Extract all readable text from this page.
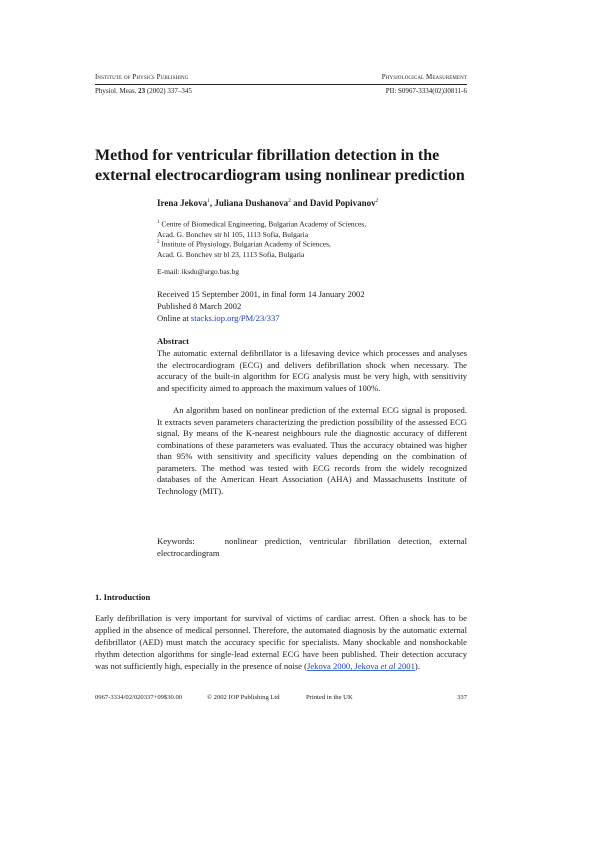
Institute of Physics Publishing	Physiological Measurement
Physiol. Meas. 23 (2002) 337–345	PII: S0967-3334(02)30811-6
Method for ventricular fibrillation detection in the external electrocardiogram using nonlinear prediction
Irena Jekova$^1$, Juliana Dushanova$^2$ and David Popivanov$^2$
$^1$ Centre of Biomedical Engineering, Bulgarian Academy of Sciences,
Acad. G. Bonchev str bl 105, 1113 Sofia, Bulgaria
$^2$ Institute of Physiology, Bulgarian Academy of Sciences,
Acad. G. Bonchev str bl 23, 1113 Sofia, Bulgaria
E-mail: iksdu@argo.bas.bg
Received 15 September 2001, in final form 14 January 2002
Published 8 March 2002
Online at stacks.iop.org/PM/23/337
Abstract
The automatic external defibrillator is a lifesaving device which processes and analyses the electrocardiogram (ECG) and delivers defibrillation shock when necessary. The accuracy of the built-in algorithm for ECG analysis must be very high, with sensitivity and specificity aimed to approach the maximum values of 100%.
An algorithm based on nonlinear prediction of the external ECG signal is proposed. It extracts seven parameters characterizing the prediction possibility of the assessed ECG signal. By means of the K-nearest neighbours rule the diagnostic accuracy of different combinations of these parameters was evaluated. Thus the accuracy obtained was higher than 95% with sensitivity and specificity values depending on the combination of parameters. The method was tested with ECG records from the widely recognized databases of the American Heart Association (AHA) and Massachusetts Institute of Technology (MIT).
Keywords:	nonlinear prediction, ventricular fibrillation detection, external electrocardiogram
1. Introduction
Early defibrillation is very important for survival of victims of cardiac arrest. Often a shock has to be applied in the absence of medical personnel. Therefore, the automated diagnosis by the automatic external defibrillator (AED) must match the accuracy specific for specialists. Many shockable and nonshockable rhythm detection algorithms for single-lead external ECG have been published. Their detection accuracy was not sufficiently high, especially in the presence of noise (Jekova 2000, Jekova et al 2001).
0967-3334/02/020337+09$30.00	© 2002 IOP Publishing Ltd	Printed in the UK	337
